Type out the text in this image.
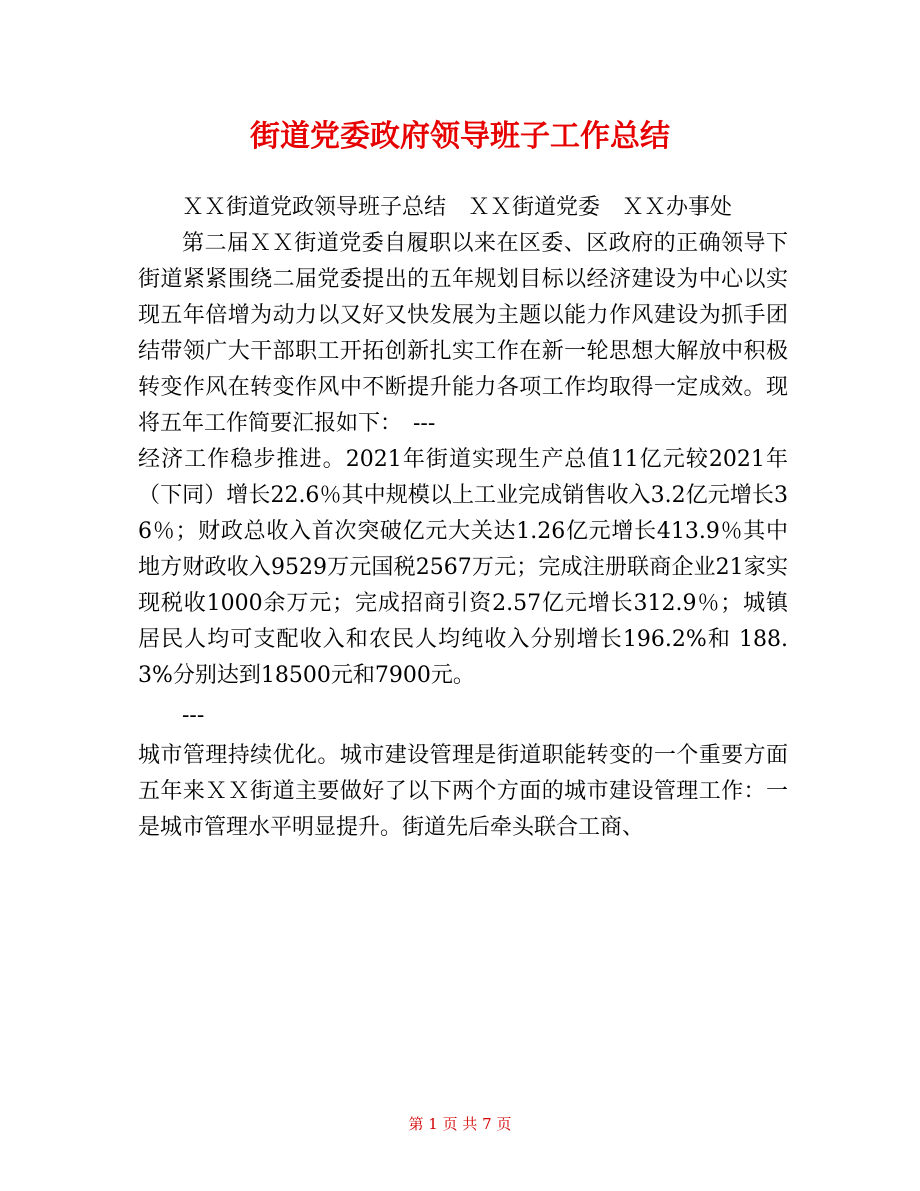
街道党委政府领导班子工作总结

ＸＸ街道党政领导班子总结　ＸＸ街道党委　ＸＸ办事处

第二届ＸＸ街道党委自履职以来在区委、区政府的正确领导下街道紧紧围绕二届党委提出的五年规划目标以经济建设为中心以实现五年倍增为动力以又好又快发展为主题以能力作风建设为抓手团结带领广大干部职工开拓创新扎实工作在新一轮思想大解放中积极转变作风在转变作风中不断提升能力各项工作均取得一定成效。现将五年工作简要汇报如下：　---

经济工作稳步推进。2021年街道实现生产总值11亿元较2021年（下同）增长22.6％其中规模以上工业完成销售收入3.2亿元增长36％；财政总收入首次突破亿元大关达1.26亿元增长413.9％其中地方财政收入9529万元国税2567万元；完成注册联商企业21家实现税收1000余万元；完成招商引资2.57亿元增长312.9％；城镇居民人均可支配收入和农民人均纯收入分别增长196.2%和 188.3%分别达到18500元和7900元。

---

城市管理持续优化。城市建设管理是街道职能转变的一个重要方面五年来ＸＸ街道主要做好了以下两个方面的城市建设管理工作：一是城市管理水平明显提升。街道先后牵头联合工商、

第 1 页 共 7 页
